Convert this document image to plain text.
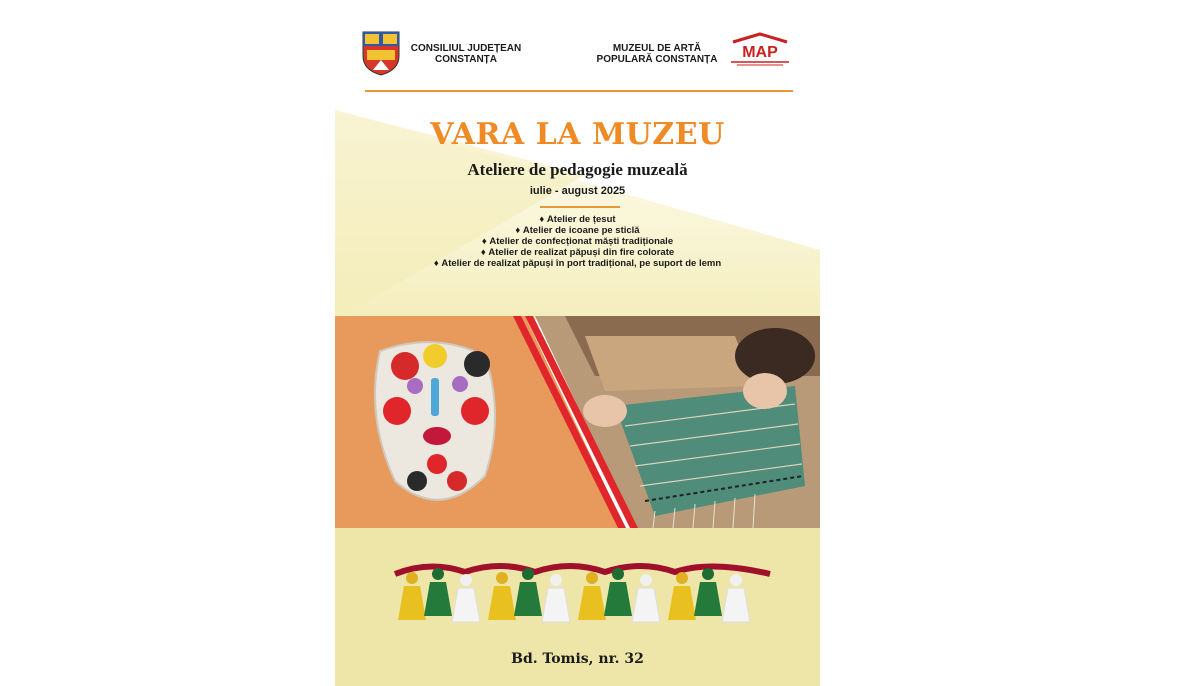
CONSILIUL JUDEȚEAN
CONSTANȚA
MUZEUL DE ARTĂ
POPULARĂ CONSTANȚA MAP
VARA LA MUZEU
Ateliere de pedagogie muzeală
iulie - august 2025
♦ Atelier de țesut
♦ Atelier de icoane pe sticlă
♦ Atelier de confecționat măști tradiționale
♦ Atelier de realizat păpuși din fire colorate
♦ Atelier de realizat păpuși în port tradițional, pe suport de lemn
Bd. Tomis, nr. 32
